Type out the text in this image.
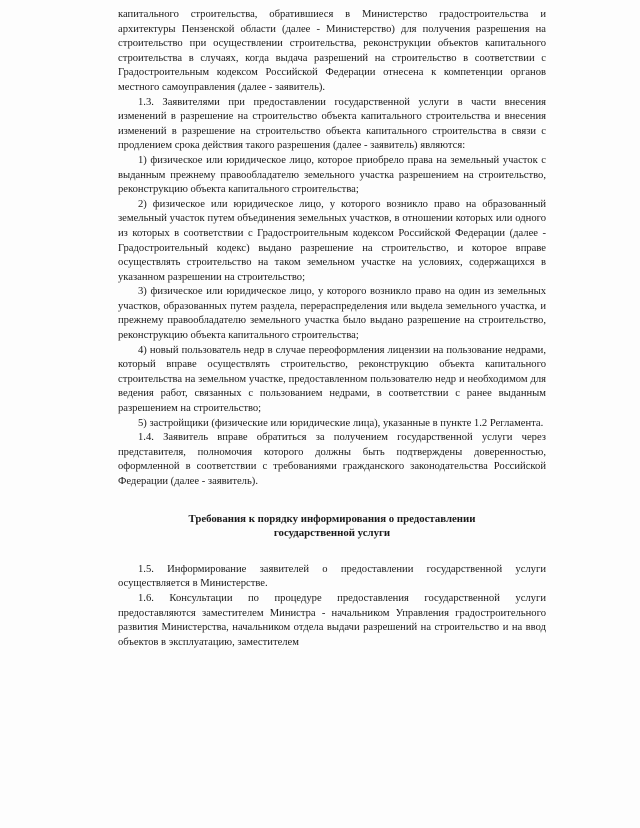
капитального строительства, обратившиеся в Министерство градостроительства и архитектуры Пензенской области (далее - Министерство) для получения разрешения на строительство при осуществлении строительства, реконструкции объектов капитального строительства в случаях, когда выдача разрешений на строительство в соответствии с Градостроительным кодексом Российской Федерации отнесена к компетенции органов местного самоуправления (далее - заявитель).

1.3. Заявителями при предоставлении государственной услуги в части внесения изменений в разрешение на строительство объекта капитального строительства и внесения изменений в разрешение на строительство объекта капитального строительства в связи с продлением срока действия такого разрешения (далее - заявитель) являются:

1) физическое или юридическое лицо, которое приобрело права на земельный участок с выданным прежнему правообладателю земельного участка разрешением на строительство, реконструкцию объекта капитального строительства;

2) физическое или юридическое лицо, у которого возникло право на образованный земельный участок путем объединения земельных участков, в отношении которых или одного из которых в соответствии с Градостроительным кодексом Российской Федерации (далее - Градостроительный кодекс) выдано разрешение на строительство, и которое вправе осуществлять строительство на таком земельном участке на условиях, содержащихся в указанном разрешении на строительство;

3) физическое или юридическое лицо, у которого возникло право на один из земельных участков, образованных путем раздела, перераспределения или выдела земельного участка, и прежнему правообладателю земельного участка было выдано разрешение на строительство, реконструкцию объекта капитального строительства;

4) новый пользователь недр в случае переоформления лицензии на пользование недрами, который вправе осуществлять строительство, реконструкцию объекта капитального строительства на земельном участке, предоставленном пользователю недр и необходимом для ведения работ, связанных с пользованием недрами, в соответствии с ранее выданным разрешением на строительство;

5) застройщики (физические или юридические лица), указанные в пункте 1.2 Регламента.

1.4. Заявитель вправе обратиться за получением государственной услуги через представителя, полномочия которого должны быть подтверждены доверенностью, оформленной в соответствии с требованиями гражданского законодательства Российской Федерации (далее - заявитель).

Требования к порядку информирования о предоставлении
государственной услуги

1.5. Информирование заявителей о предоставлении государственной услуги осуществляется в Министерстве.

1.6. Консультации по процедуре предоставления государственной услуги предоставляются заместителем Министра - начальником Управления градостроительного развития Министерства, начальником отдела выдачи разрешений на строительство и на ввод объектов в эксплуатацию, заместителем
